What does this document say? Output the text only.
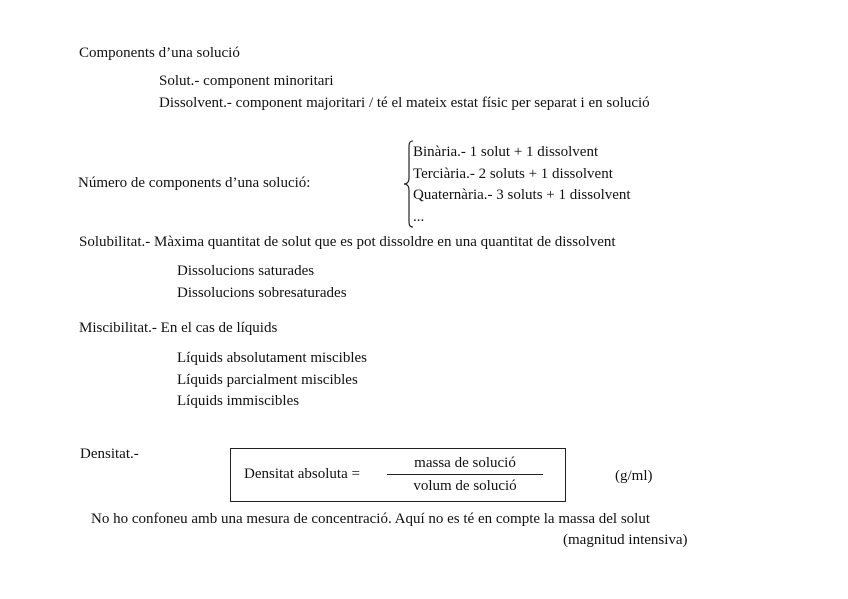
Components d’una solució
Solut.- component minoritari
Dissolvent.- component majoritari / té el mateix estat físic per separat i en solució
Número de components d’una solució:
Binària.- 1 solut + 1 dissolvent
Terciària.- 2 soluts + 1 dissolvent
Quaternària.- 3 soluts + 1 dissolvent
...
Solubilitat.- Màxima quantitat de solut que es pot dissoldre en una quantitat de dissolvent
Dissolucions saturades
Dissolucions sobresaturades
Miscibilitat.- En el cas de líquids
Líquids absolutament miscibles
Líquids parcialment miscibles
Líquids immiscibles
Densitat.-
Densitat absoluta =
massa de solució
volum de solució
(g/ml)
No ho confoneu amb una mesura de concentració. Aquí no es té en compte la massa del solut
(magnitud intensiva)
